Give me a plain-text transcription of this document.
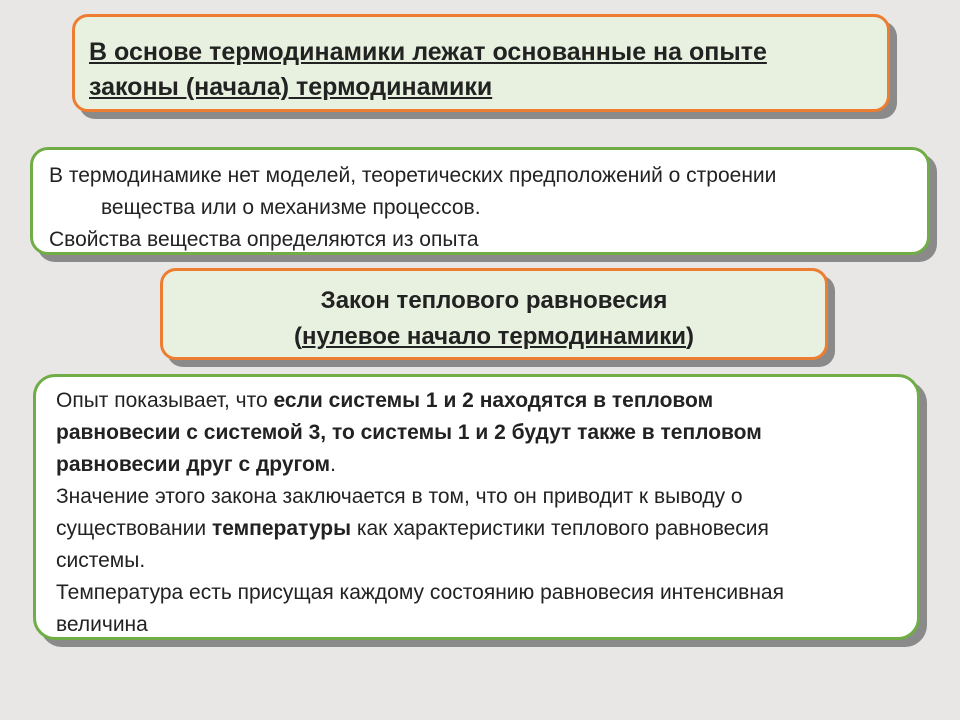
В основе термодинамики лежат основанные на опыте

законы (начала) термодинамики

В термодинамике нет моделей, теоретических предположений о строении

вещества или о механизме процессов.

Свойства вещества определяются из опыта

Закон теплового равновесия

(нулевое начало термодинамики)

Опыт показывает, что если системы 1 и 2 находятся в тепловом

равновесии с системой 3, то системы 1 и 2 будут также в тепловом

равновесии друг с другом.

Значение этого закона заключается в том, что он приводит к выводу о

существовании температуры как характеристики теплового равновесия

системы.

Температура есть присущая каждому состоянию равновесия интенсивная

величина
